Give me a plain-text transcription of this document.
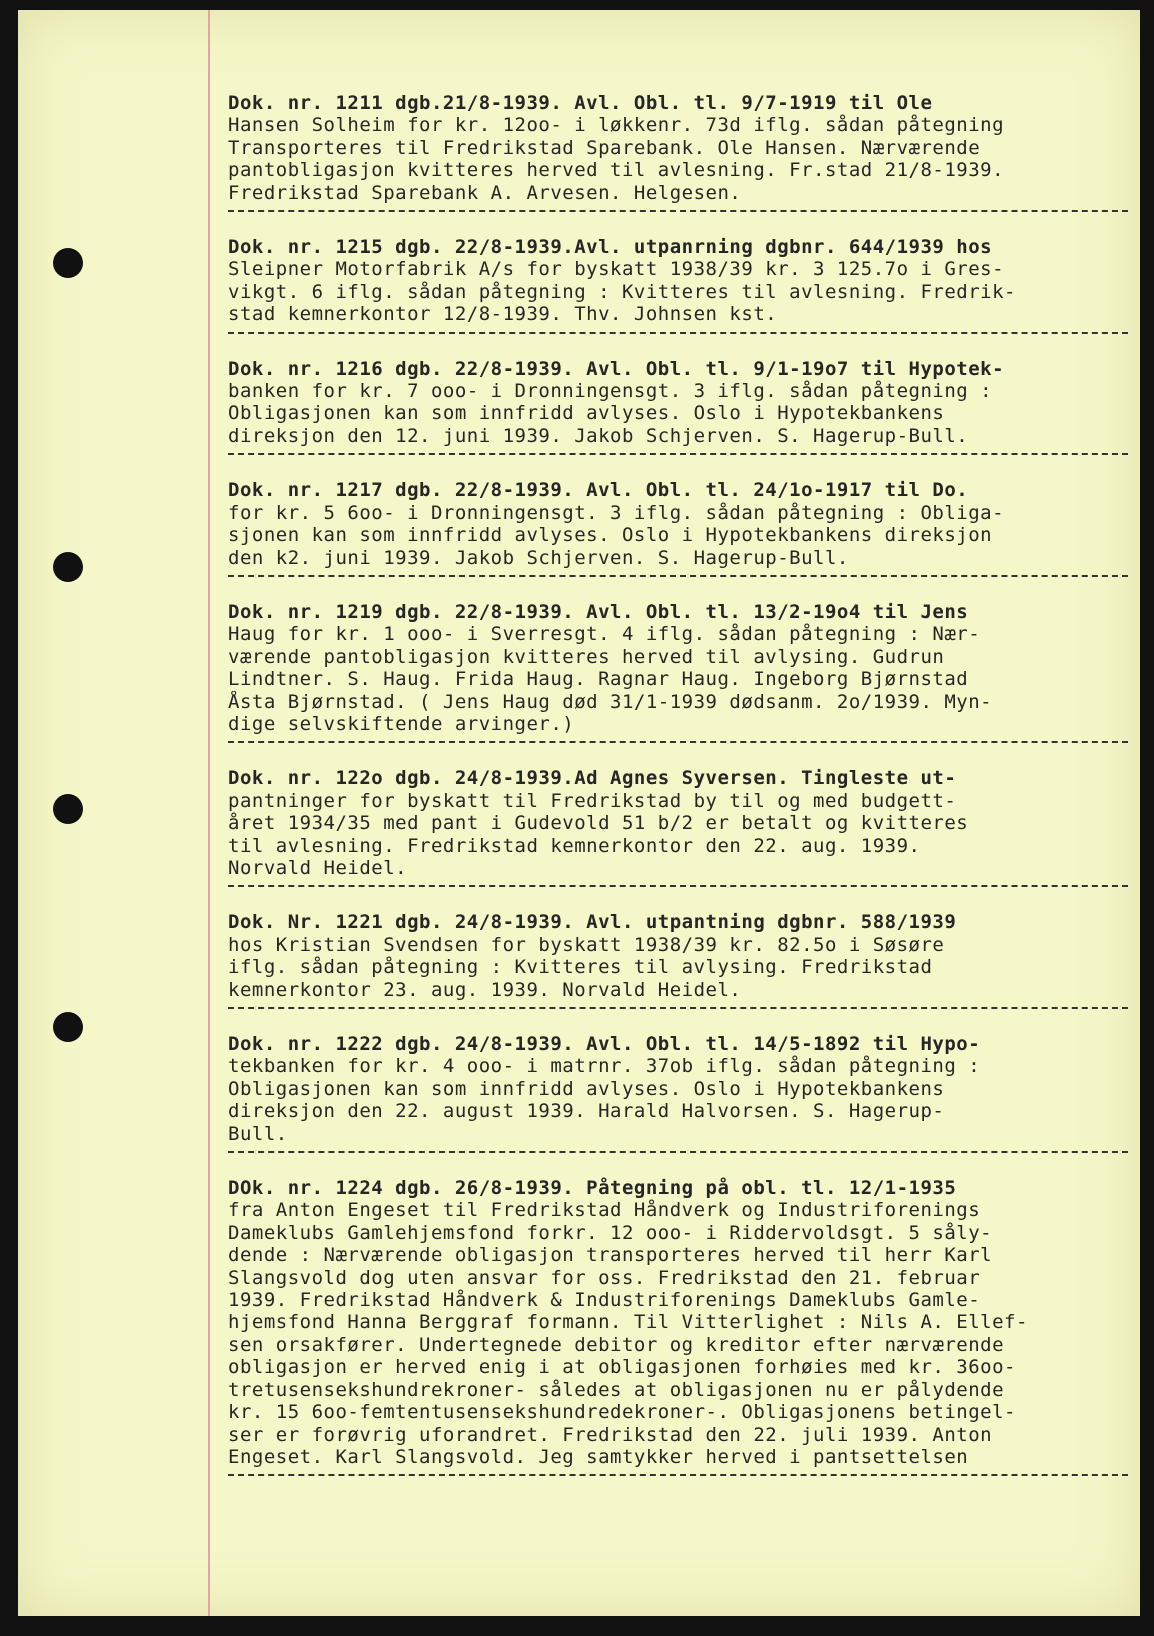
Dok. nr. 1211 dgb.21/8-1939. Avl. Obl. tl. 9/7-1919 til Ole
Hansen Solheim for kr. 12oo- i løkkenr. 73d iflg. sådan påtegning
Transporteres til Fredrikstad Sparebank. Ole Hansen. Nærværende
pantobligasjon kvitteres herved til avlesning. Fr.stad 21/8-1939.
Fredrikstad Sparebank A. Arvesen. Helgesen.
Dok. nr. 1215 dgb. 22/8-1939.Avl. utpanrning dgbnr. 644/1939 hos
Sleipner Motorfabrik A/s for byskatt 1938/39 kr. 3 125.7o i Gres-
vikgt. 6 iflg. sådan påtegning : Kvitteres til avlesning. Fredrik-
stad kemnerkontor 12/8-1939. Thv. Johnsen kst.
Dok. nr. 1216 dgb. 22/8-1939. Avl. Obl. tl. 9/1-19o7 til Hypotek-
banken for kr. 7 ooo- i Dronningensgt. 3 iflg. sådan påtegning :
Obligasjonen kan som innfridd avlyses. Oslo i Hypotekbankens
direksjon den 12. juni 1939. Jakob Schjerven. S. Hagerup-Bull.
Dok. nr. 1217 dgb. 22/8-1939. Avl. Obl. tl. 24/1o-1917 til Do.
for kr. 5 6oo- i Dronningensgt. 3 iflg. sådan påtegning : Obliga-
sjonen kan som innfridd avlyses. Oslo i Hypotekbankens direksjon
den k2. juni 1939. Jakob Schjerven. S. Hagerup-Bull.
Dok. nr. 1219 dgb. 22/8-1939. Avl. Obl. tl. 13/2-19o4 til Jens
Haug for kr. 1 ooo- i Sverresgt. 4 iflg. sådan påtegning : Nær-
værende pantobligasjon kvitteres herved til avlysing. Gudrun
Lindtner. S. Haug. Frida Haug. Ragnar Haug. Ingeborg Bjørnstad
Åsta Bjørnstad. ( Jens Haug død 31/1-1939 dødsanm. 2o/1939. Myn-
dige selvskiftende arvinger.)
Dok. nr. 122o dgb. 24/8-1939.Ad Agnes Syversen. Tingleste ut-
pantninger for byskatt til Fredrikstad by til og med budgett-
året 1934/35 med pant i Gudevold 51 b/2 er betalt og kvitteres
til avlesning. Fredrikstad kemnerkontor den 22. aug. 1939.
Norvald Heidel.
Dok. Nr. 1221 dgb. 24/8-1939. Avl. utpantning dgbnr. 588/1939
hos Kristian Svendsen for byskatt 1938/39 kr. 82.5o i Søsøre
iflg. sådan påtegning : Kvitteres til avlysing. Fredrikstad
kemnerkontor 23. aug. 1939. Norvald Heidel.
Dok. nr. 1222 dgb. 24/8-1939. Avl. Obl. tl. 14/5-1892 til Hypo-
tekbanken for kr. 4 ooo- i matrnr. 37ob iflg. sådan påtegning :
Obligasjonen kan som innfridd avlyses. Oslo i Hypotekbankens
direksjon den 22. august 1939. Harald Halvorsen. S. Hagerup-
Bull.
DOk. nr. 1224 dgb. 26/8-1939. Påtegning på obl. tl. 12/1-1935
fra Anton Engeset til Fredrikstad Håndverk og Industriforenings
Dameklubs Gamlehjemsfond forkr. 12 ooo- i Riddervoldsgt. 5 såly-
dende : Nærværende obligasjon transporteres herved til herr Karl
Slangsvold dog uten ansvar for oss. Fredrikstad den 21. februar
1939. Fredrikstad Håndverk & Industriforenings Dameklubs Gamle-
hjemsfond Hanna Berggraf formann. Til Vitterlighet : Nils A. Ellef-
sen orsakfører. Undertegnede debitor og kreditor efter nærværende
obligasjon er herved enig i at obligasjonen forhøies med kr. 36oo-
tretusensekshundrekroner- således at obligasjonen nu er pålydende
kr. 15 6oo-femtentusensekshundredekroner-. Obligasjonens betingel-
ser er forøvrig uforandret. Fredrikstad den 22. juli 1939. Anton
Engeset. Karl Slangsvold. Jeg samtykker herved i pantsettelsen
